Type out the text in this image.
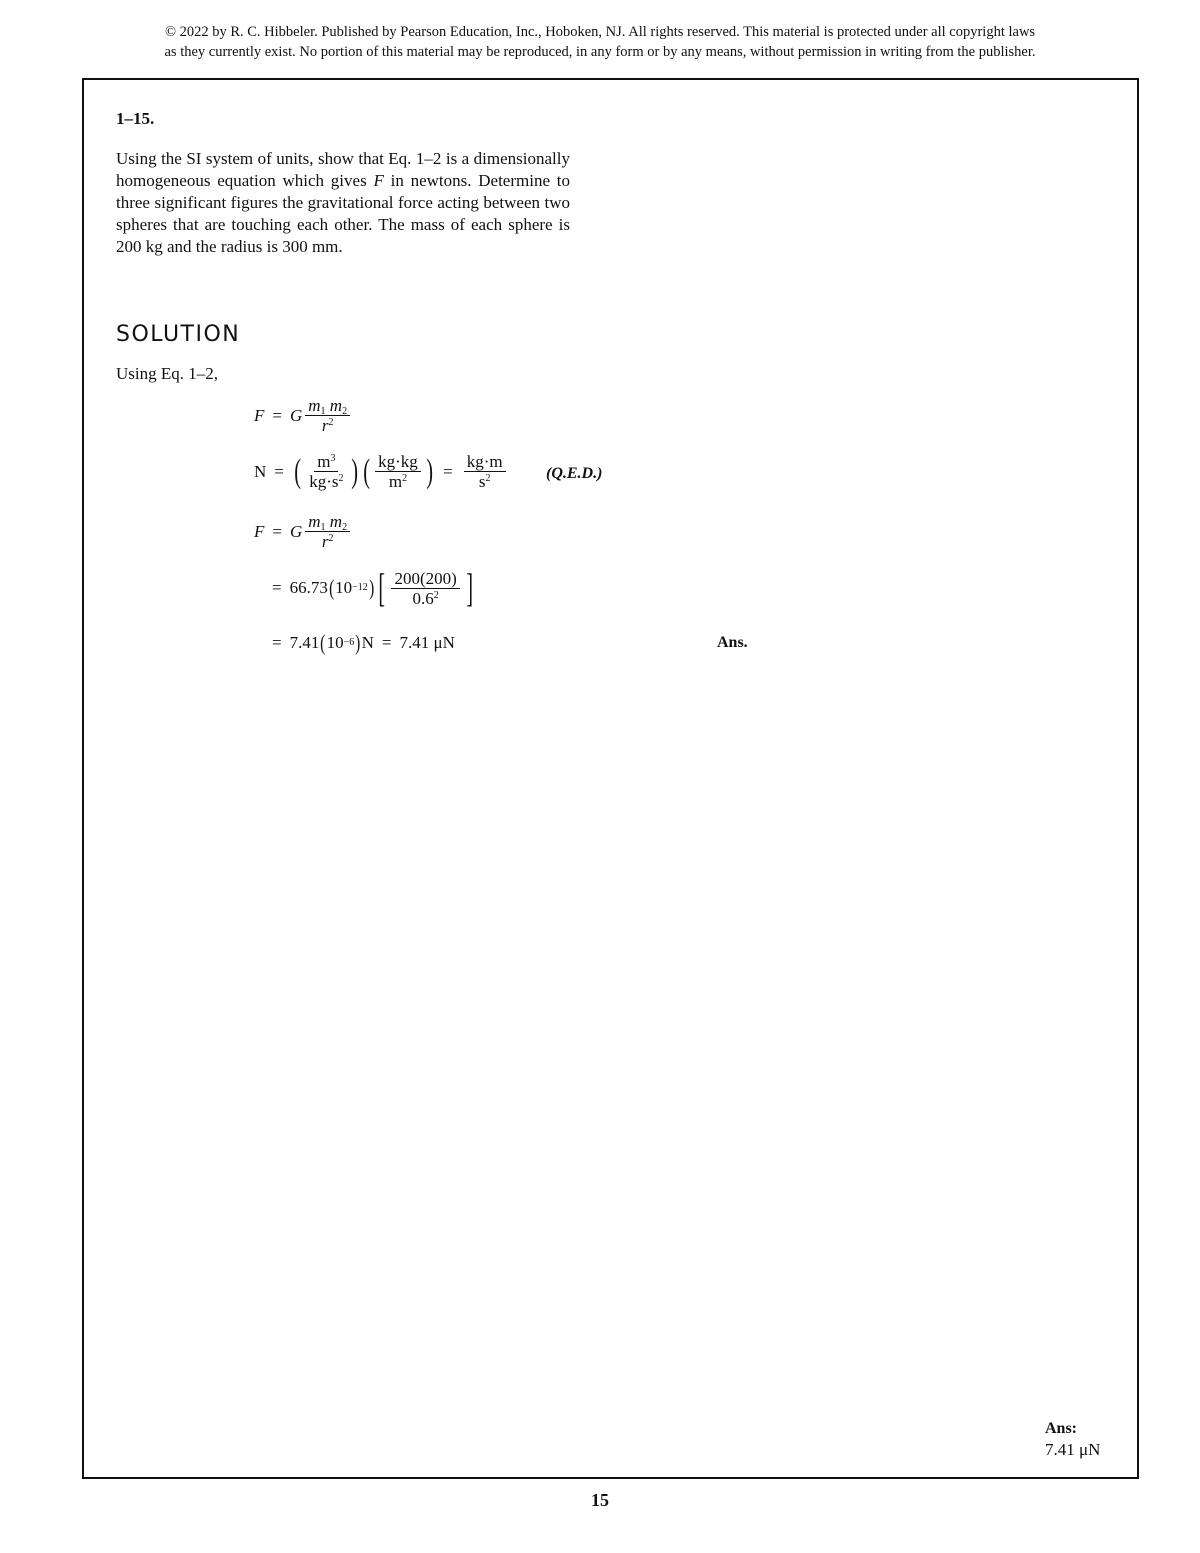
© 2022 by R. C. Hibbeler. Published by Pearson Education, Inc., Hoboken, NJ. All rights reserved. This material is protected under all copyright laws
as they currently exist. No portion of this material may be reproduced, in any form or by any means, without permission in writing from the publisher.
1–15.
Using the SI system of units, show that Eq. 1–2 is a dimensionally homogeneous equation which gives F in newtons. Determine to three significant figures the gravitational force acting between two spheres that are touching each other. The mass of each sphere is 200 kg and the radius is 300 mm.
SOLUTION
Using Eq. 1–2,
F = G $\frac{m_1 m_2}{r^2}$
N = ( $\frac{m^3}{kg\cdot s^2}$ ) ( $\frac{kg\cdot kg}{m^2}$ ) = $\frac{kg\cdot m}{s^2}$	(Q.E.D.)
F = G $\frac{m_1 m_2}{r^2}$
= 66.73 ( 10 −12 ) [ $\frac{200(200)}{0.6^2}$ ]
= 7.41 ( 10 −6 ) N = 7.41 μN	Ans.
Ans:
7.41 μN
15
